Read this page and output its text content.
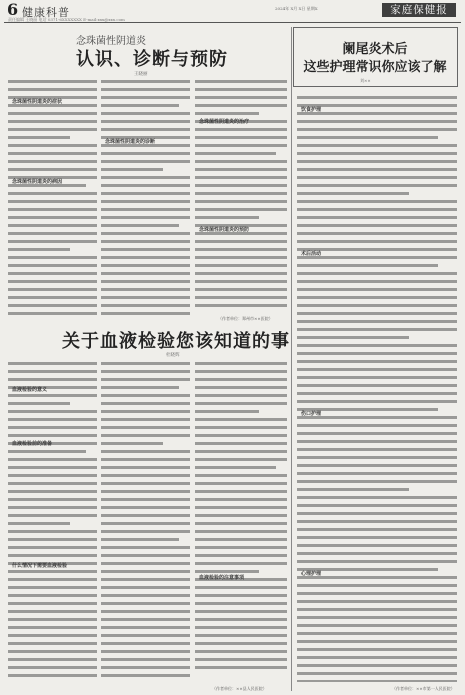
6 健康科普
责任编辑 王晓丽 电话 0371-6XXXXXXX E-mail:xxx@xxx.com
2024年 X月 X日 星期X	家庭保健报
念珠菌性阴道炎
认识、诊断与预防
王晓丽
念珠菌性阴道炎的症状
念珠菌性阴道炎的病因
念珠菌性阴道炎的诊断
念珠菌性阴道炎的治疗
念珠菌性阴道炎的预防
（作者单位：郑州市××医院）
关于血液检验您该知道的事
杜晓辉
血液检验的意义
血液检验前的准备
什么情况下需要血液检验
血液检验的注意事项
（作者单位：××县人民医院）
阑尾炎术后
这些护理常识你应该了解
刘××
饮食护理
术后活动
伤口护理
心理护理
（作者单位：××市第一人民医院）
